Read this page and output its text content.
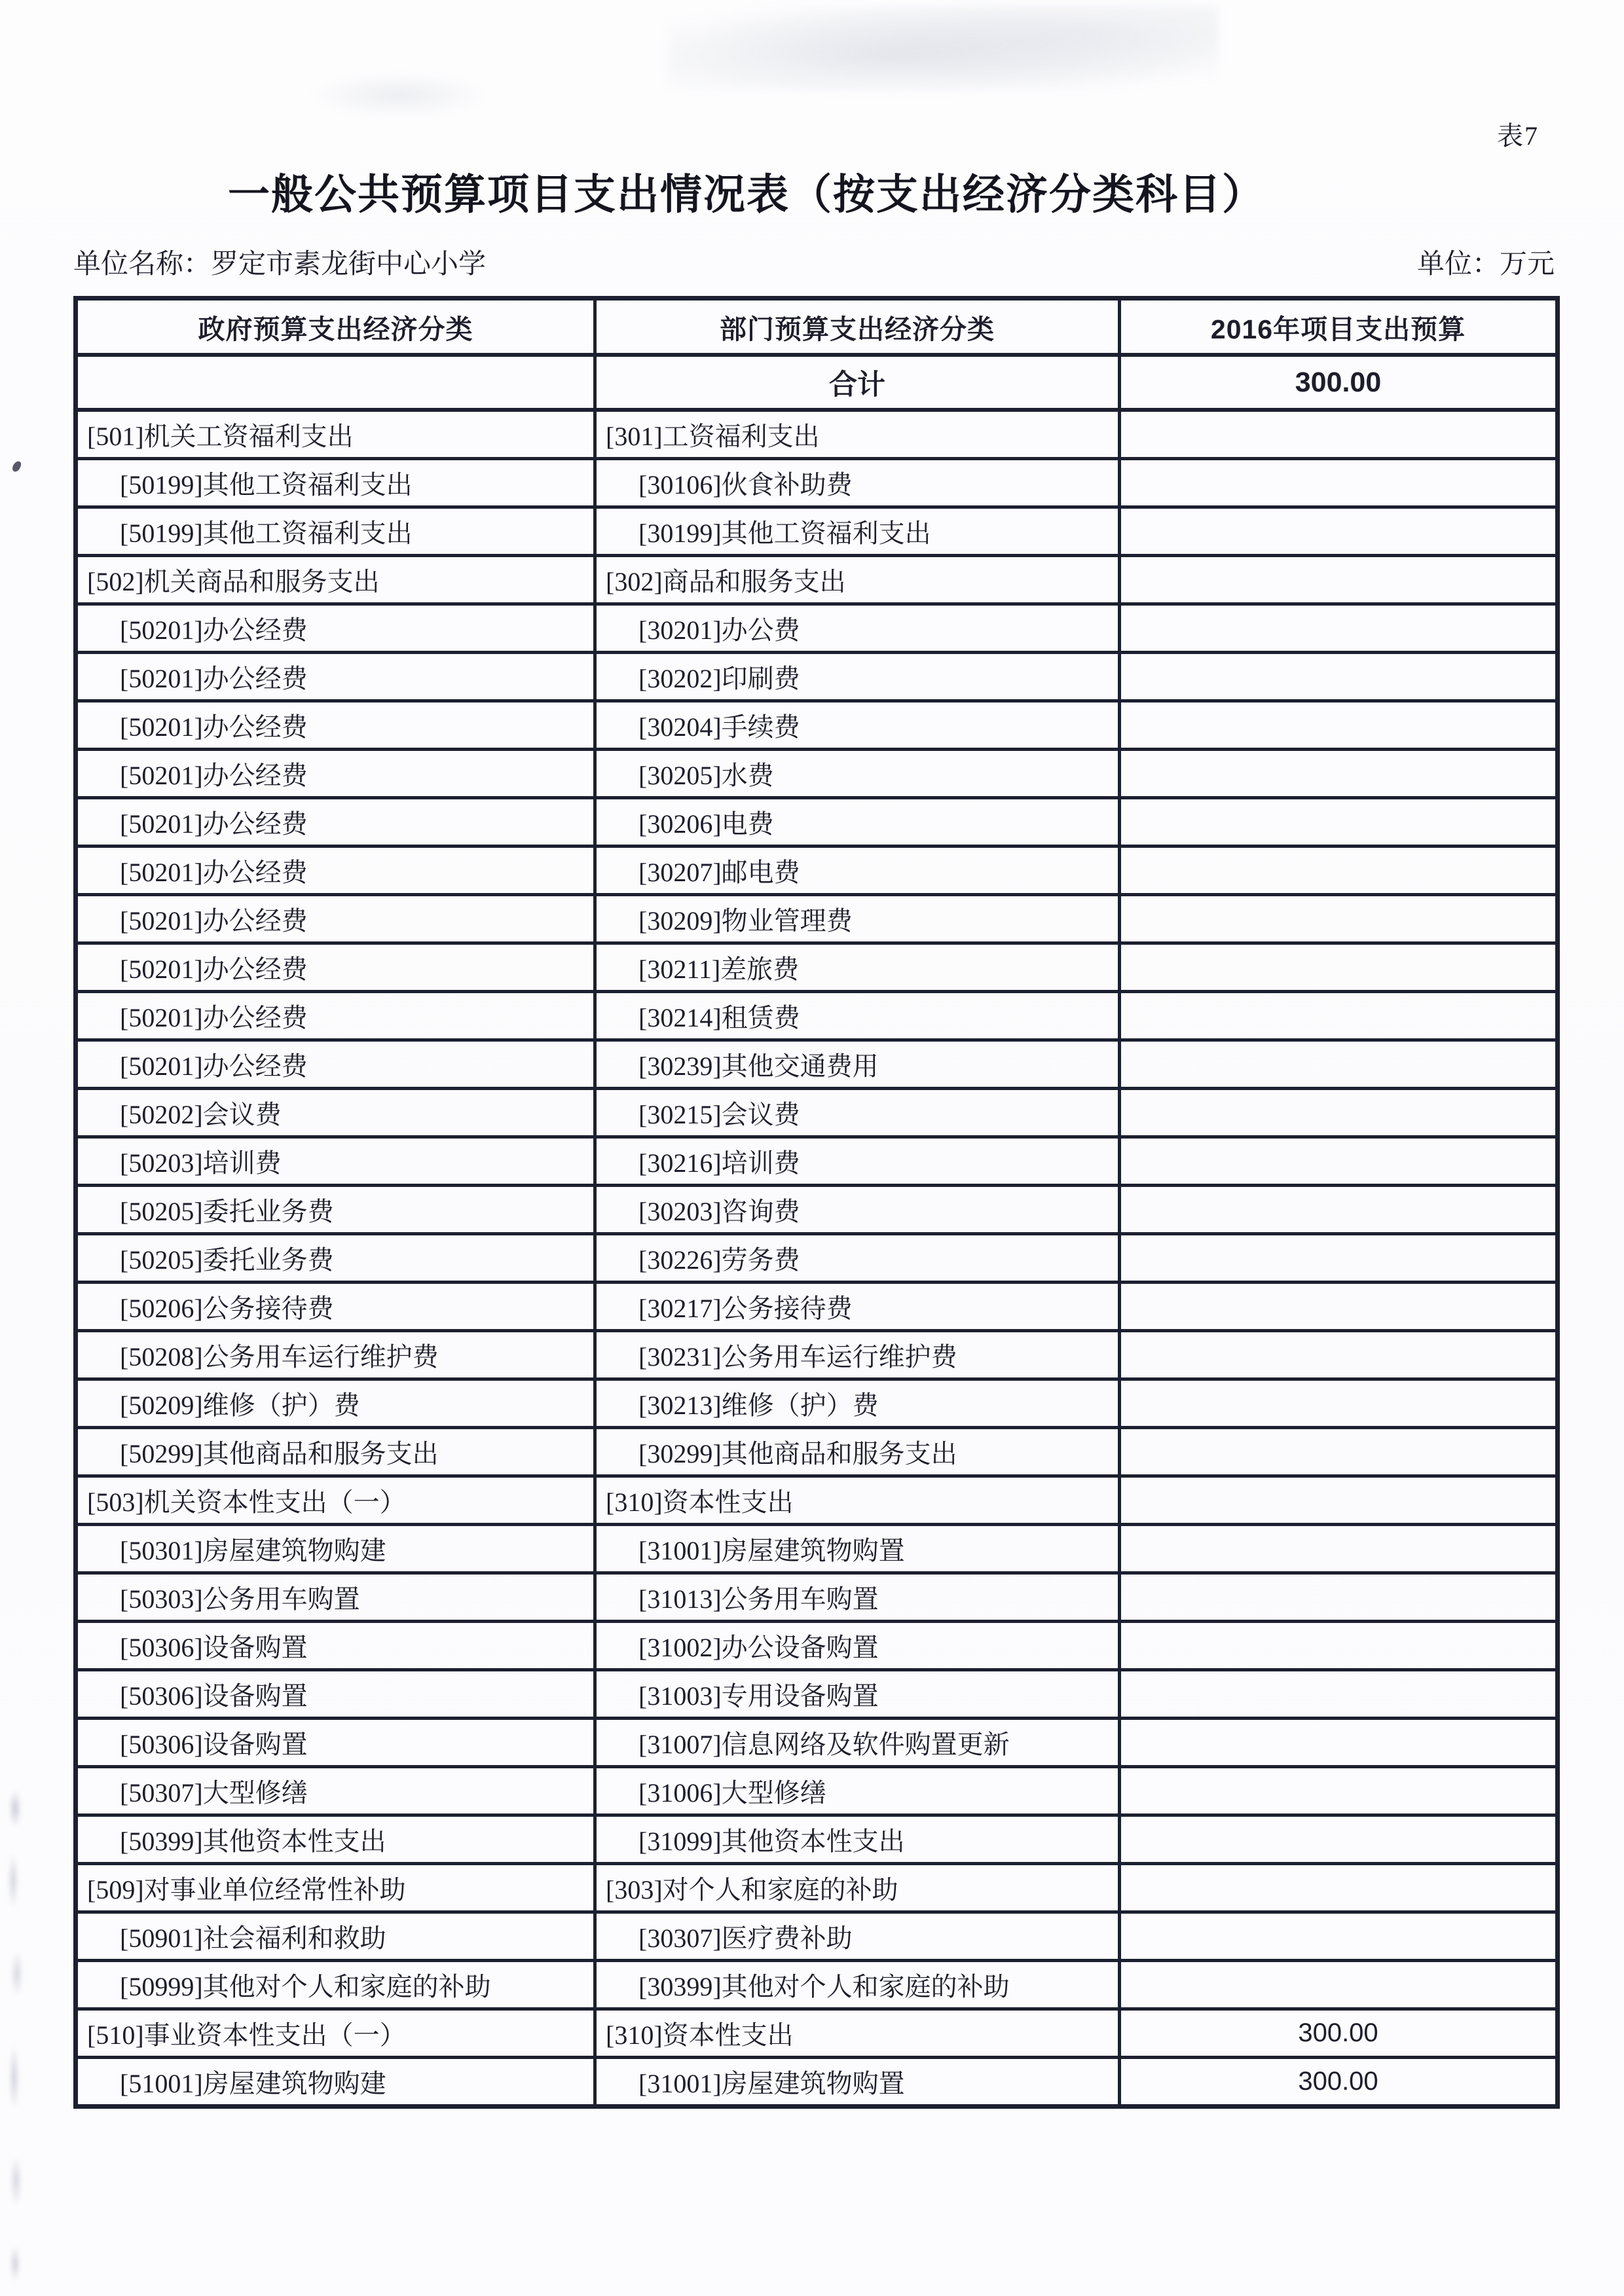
表7
一般公共预算项目支出情况表（按支出经济分类科目）
单位名称：罗定市素龙街中心小学	单位：万元
政府预算支出经济分类	部门预算支出经济分类	2016年项目支出预算
	合计	300.00
[501]机关工资福利支出	[301]工资福利支出	
[50199]其他工资福利支出	[30106]伙食补助费	
[50199]其他工资福利支出	[30199]其他工资福利支出	
[502]机关商品和服务支出	[302]商品和服务支出	
[50201]办公经费	[30201]办公费	
[50201]办公经费	[30202]印刷费	
[50201]办公经费	[30204]手续费	
[50201]办公经费	[30205]水费	
[50201]办公经费	[30206]电费	
[50201]办公经费	[30207]邮电费	
[50201]办公经费	[30209]物业管理费	
[50201]办公经费	[30211]差旅费	
[50201]办公经费	[30214]租赁费	
[50201]办公经费	[30239]其他交通费用	
[50202]会议费	[30215]会议费	
[50203]培训费	[30216]培训费	
[50205]委托业务费	[30203]咨询费	
[50205]委托业务费	[30226]劳务费	
[50206]公务接待费	[30217]公务接待费	
[50208]公务用车运行维护费	[30231]公务用车运行维护费	
[50209]维修（护）费	[30213]维修（护）费	
[50299]其他商品和服务支出	[30299]其他商品和服务支出	
[503]机关资本性支出（一）	[310]资本性支出	
[50301]房屋建筑物购建	[31001]房屋建筑物购置	
[50303]公务用车购置	[31013]公务用车购置	
[50306]设备购置	[31002]办公设备购置	
[50306]设备购置	[31003]专用设备购置	
[50306]设备购置	[31007]信息网络及软件购置更新	
[50307]大型修缮	[31006]大型修缮	
[50399]其他资本性支出	[31099]其他资本性支出	
[509]对事业单位经常性补助	[303]对个人和家庭的补助	
[50901]社会福利和救助	[30307]医疗费补助	
[50999]其他对个人和家庭的补助	[30399]其他对个人和家庭的补助	
[510]事业资本性支出（一）	[310]资本性支出	300.00
[51001]房屋建筑物购建	[31001]房屋建筑物购置	300.00
